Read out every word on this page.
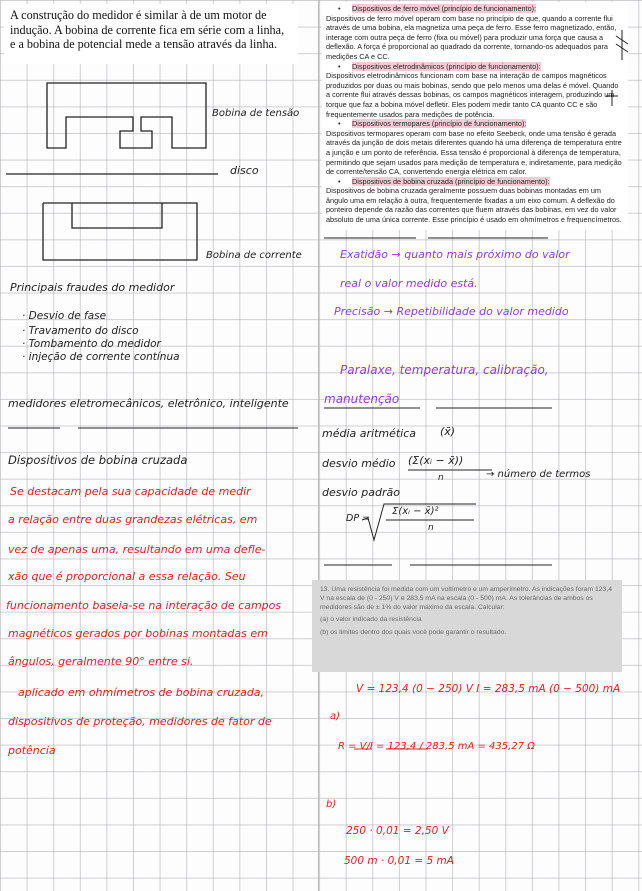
A construção do medidor é similar à de um motor de indução. A bobina de corrente fica em série com a linha, e a bobina de potencial mede a tensão através da linha.
• Dispositivos de ferro móvel (princípio de funcionamento):

Dispositivos de ferro móvel operam com base no princípio de que, quando a corrente flui através de uma bobina, ela magnetiza uma peça de ferro. Esse ferro magnetizado, então, interage com outra peça de ferro (fixa ou móvel) para produzir uma força que causa a deflexão. A força é proporcional ao quadrado da corrente, tornando-os adequados para medições CA e CC.

• Dispositivos eletrodinâmicos (princípio de funcionamento):

Dispositivos eletrodinâmicos funcionam com base na interação de campos magnéticos produzidos por duas ou mais bobinas, sendo que pelo menos uma delas é móvel. Quando a corrente flui através dessas bobinas, os campos magnéticos interagem, produzindo um torque que faz a bobina móvel defletir. Eles podem medir tanto CA quanto CC e são frequentemente usados para medições de potência.

• Dispositivos termopares (princípio de funcionamento):

Dispositivos termopares operam com base no efeito Seebeck, onde uma tensão é gerada através da junção de dois metais diferentes quando há uma diferença de temperatura entre a junção e um ponto de referência. Essa tensão é proporcional à diferença de temperatura, permitindo que sejam usados para medição de temperatura e, indiretamente, para medição de corrente/tensão CA, convertendo energia elétrica em calor.

• Dispositivos de bobina cruzada (princípio de funcionamento):

Dispositivos de bobina cruzada geralmente possuem duas bobinas montadas em um ângulo uma em relação à outra, frequentemente fixadas a um eixo comum. A deflexão do ponteiro depende da razão das correntes que fluem através das bobinas, em vez do valor absoluto de uma única corrente. Esse princípio é usado em ohmímetros e frequencímetros.

Bobina de tensão
disco
Bobina de corrente
Principais fraudes do medidor
· Desvio de fase
· Travamento do disco
· Tombamento do medidor
· injeção de corrente contínua
medidores eletromecânicos, eletrônico, inteligente
Dispositivos de bobina cruzada
Se destacam pela sua capacidade de medir
a relação entre duas grandezas elétricas, em
vez de apenas uma, resultando em uma defle-
xão que é proporcional a essa relação. Seu
funcionamento baseia-se na interação de campos
magnéticos gerados por bobinas montadas em
ângulos, geralmente 90° entre si.
aplicado em ohmímetros de bobina cruzada,
dispositivos de proteção, medidores de fator de
potência
Exatidão → quanto mais próximo do valor
real o valor medido está.
Precisão → Repetibilidade do valor medido
Paralaxe, temperatura, calibração,
manutenção
média aritmética (x̄)
desvio médio (Σ(xᵢ − x̄))
n	→ número de termos
desvio padrão
DP =
Σ(xᵢ − x̄)²
n

13. Uma resistência foi medida com um voltímetro e um amperímetro. As indicações foram 123,4 V na escala de (0 - 250) V e 283,5 mA na escala (0 - 500) mA. As tolerâncias de ambos os medidores são de ± 1% do valor máximo da escala. Calcular:

(a) o valor indicado da resistência

(b) os limites dentro dos quais você pode garantir o resultado.

V = 123,4 (0 − 250) V I = 283,5 mA (0 − 500) mA
a)
R = V/I = 123,4 / 283,5 mA = 435,27 Ω
b)
250 · 0,01 = 2,50 V
500 m · 0,01 = 5 mA
